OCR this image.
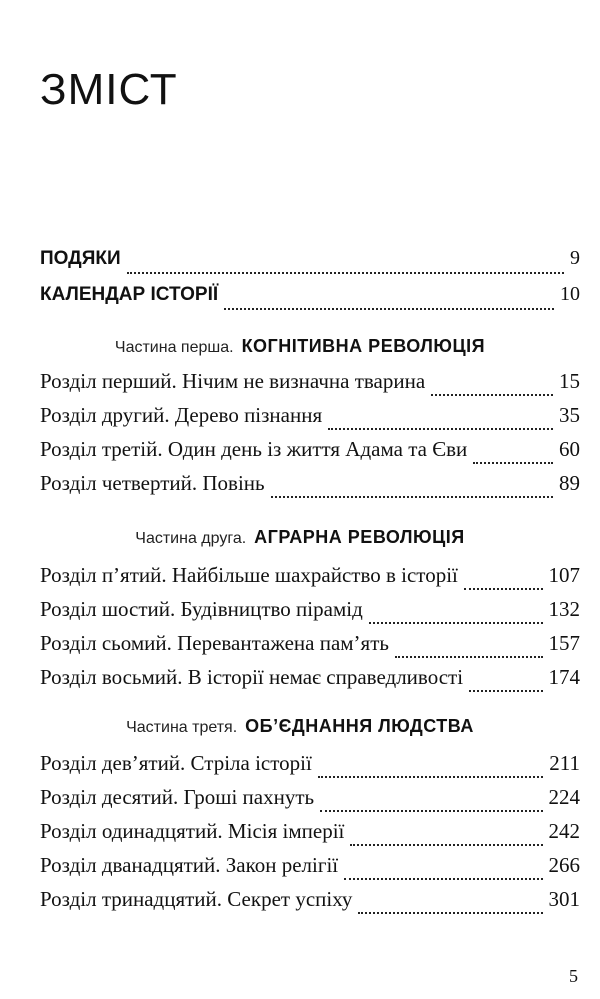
ЗМІСТ
ПОДЯКИ	9
КАЛЕНДАР ІСТОРІЇ	10
Частина перша. КОГНІТИВНА РЕВОЛЮЦІЯ
Розділ перший. Нічим не визначна тварина	15
Розділ другий. Дерево пізнання	35
Розділ третій. Один день із життя Адама та Єви	60
Розділ четвертий. Повінь	89
Частина друга. АГРАРНА РЕВОЛЮЦІЯ
Розділ п’ятий. Найбільше шахрайство в історії	107
Розділ шостий. Будівництво пірамід	132
Розділ сьомий. Перевантажена пам’ять	157
Розділ восьмий. В історії немає справедливості	174
Частина третя. ОБ’ЄДНАННЯ ЛЮДСТВА
Розділ дев’ятий. Стріла історії	211
Розділ десятий. Гроші пахнуть	224
Розділ одинадцятий. Місія імперії	242
Розділ дванадцятий. Закон релігії	266
Розділ тринадцятий. Секрет успіху	301
5
